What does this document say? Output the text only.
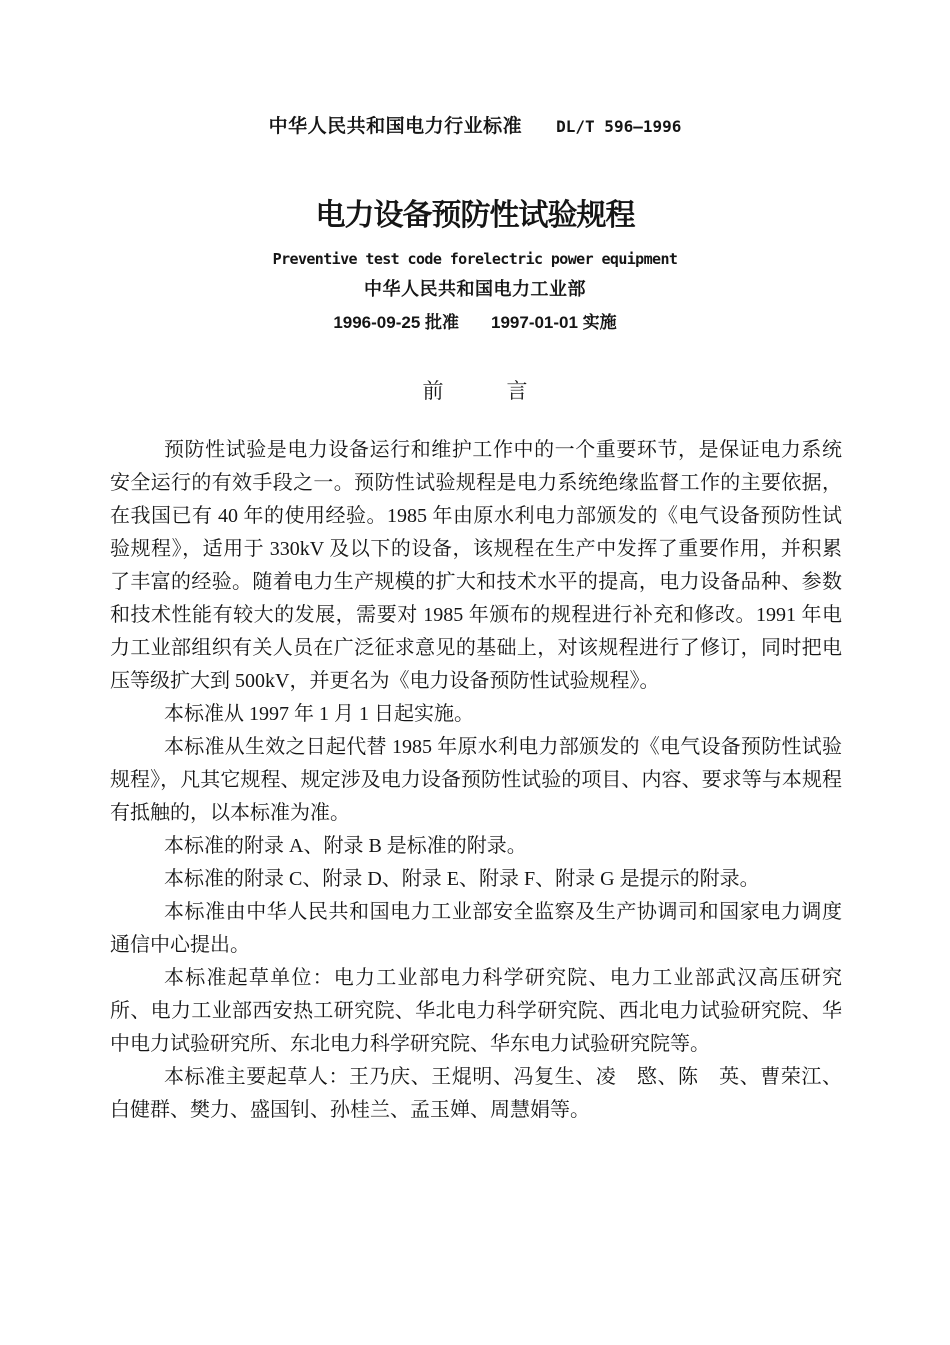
中华人民共和国电力行业标准 DL/T 596—1996
电力设备预防性试验规程
Preventive test code forelectric power equipment
中华人民共和国电力工业部
1996-09-25 批准 1997-01-01 实施
前　　　言

预防性试验是电力设备运行和维护工作中的一个重要环节，是保证电力系统安全运行的有效手段之一。预防性试验规程是电力系统绝缘监督工作的主要依据，在我国已有 40 年的使用经验。1985 年由原水利电力部颁发的《电气设备预防性试验规程》，适用于 330kV 及以下的设备，该规程在生产中发挥了重要作用，并积累了丰富的经验。随着电力生产规模的扩大和技术水平的提高，电力设备品种、参数和技术性能有较大的发展，需要对 1985 年颁布的规程进行补充和修改。1991 年电力工业部组织有关人员在广泛征求意见的基础上，对该规程进行了修订，同时把电压等级扩大到 500kV，并更名为《电力设备预防性试验规程》。

本标准从 1997 年 1 月 1 日起实施。

本标准从生效之日起代替 1985 年原水利电力部颁发的《电气设备预防性试验规程》，凡其它规程、规定涉及电力设备预防性试验的项目、内容、要求等与本规程有抵触的，以本标准为准。

本标准的附录 A、附录 B 是标准的附录。

本标准的附录 C、附录 D、附录 E、附录 F、附录 G 是提示的附录。

本标准由中华人民共和国电力工业部安全监察及生产协调司和国家电力调度通信中心提出。

本标准起草单位：电力工业部电力科学研究院、电力工业部武汉高压研究所、电力工业部西安热工研究院、华北电力科学研究院、西北电力试验研究院、华中电力试验研究所、东北电力科学研究院、华东电力试验研究院等。

本标准主要起草人：王乃庆、王焜明、冯复生、凌　愍、陈　英、曹荣江、白健群、樊力、盛国钊、孙桂兰、孟玉婵、周慧娟等。
